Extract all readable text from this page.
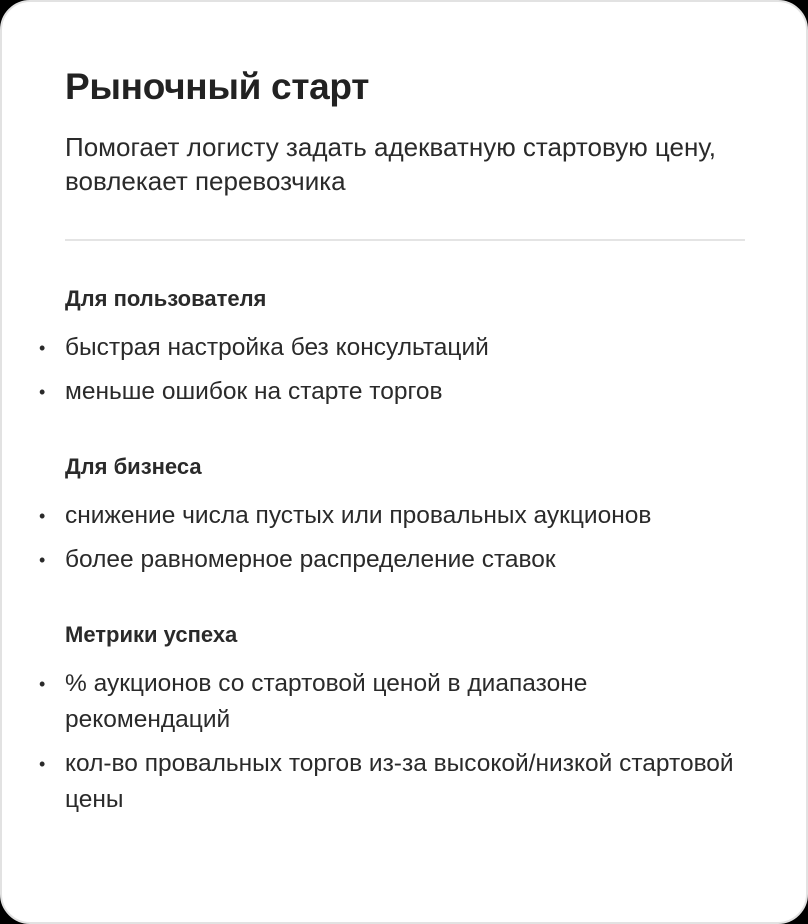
Рыночный старт
Помогает логисту задать адекватную стартовую цену, вовлекает перевозчика
Для пользователя
• быстрая настройка без консультаций
• меньше ошибок на старте торгов
Для бизнеса
• снижение числа пустых или провальных аукционов
• более равномерное распределение ставок
Метрики успеха
• % аукционов со стартовой ценой в диапазоне рекомендаций
• кол-во провальных торгов из-за высокой/низкой стартовой цены
